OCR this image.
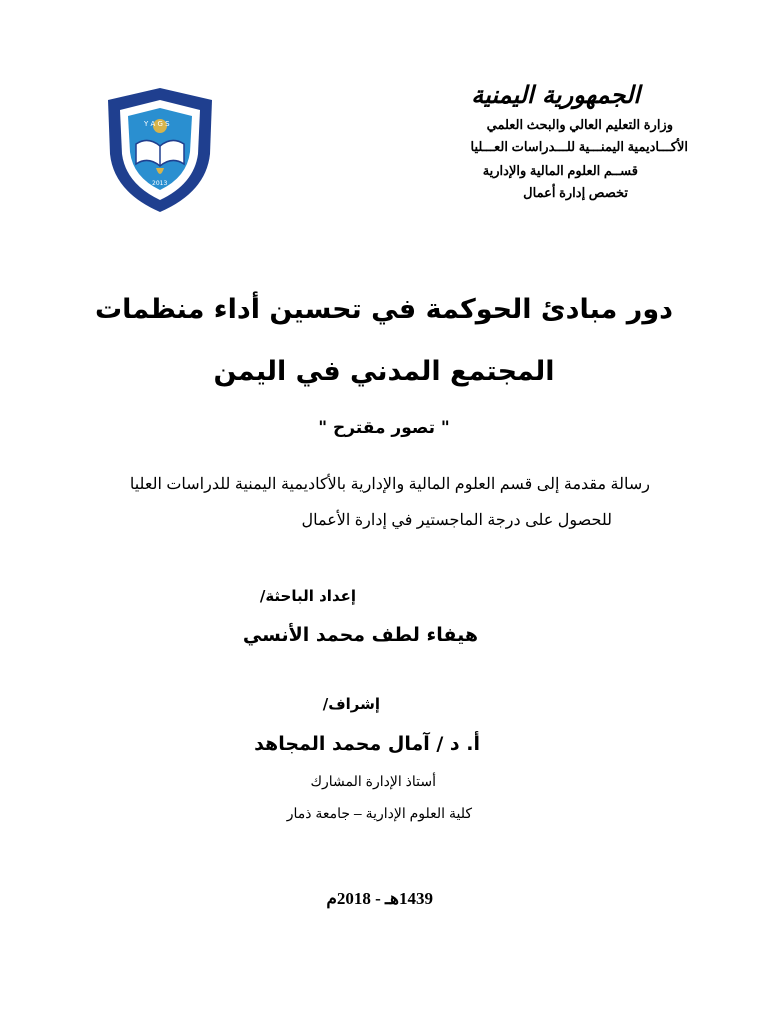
Y A G S
2013
الجمهورية اليمنية
وزارة التعليم العالي والبحث العلمي
الأكـــاديمية اليمنـــية للـــدراسات العـــليا
قســم العلوم المالية والإدارية
تخصص إدارة أعمال
دور مبادئ الحوكمة في تحسين أداء منظمات
المجتمع المدني في اليمن
" تصور مقترح "
رسالة مقدمة إلى قسم العلوم المالية والإدارية بالأكاديمية اليمنية للدراسات العليا
للحصول على درجة الماجستير في إدارة الأعمال
إعداد الباحثة/
هيفاء لطف محمد الأنسي
إشراف/
أ. د / آمال محمد المجاهد
أستاذ الإدارة المشارك
كلية العلوم الإدارية – جامعة ذمار
1439هـ - 2018م
